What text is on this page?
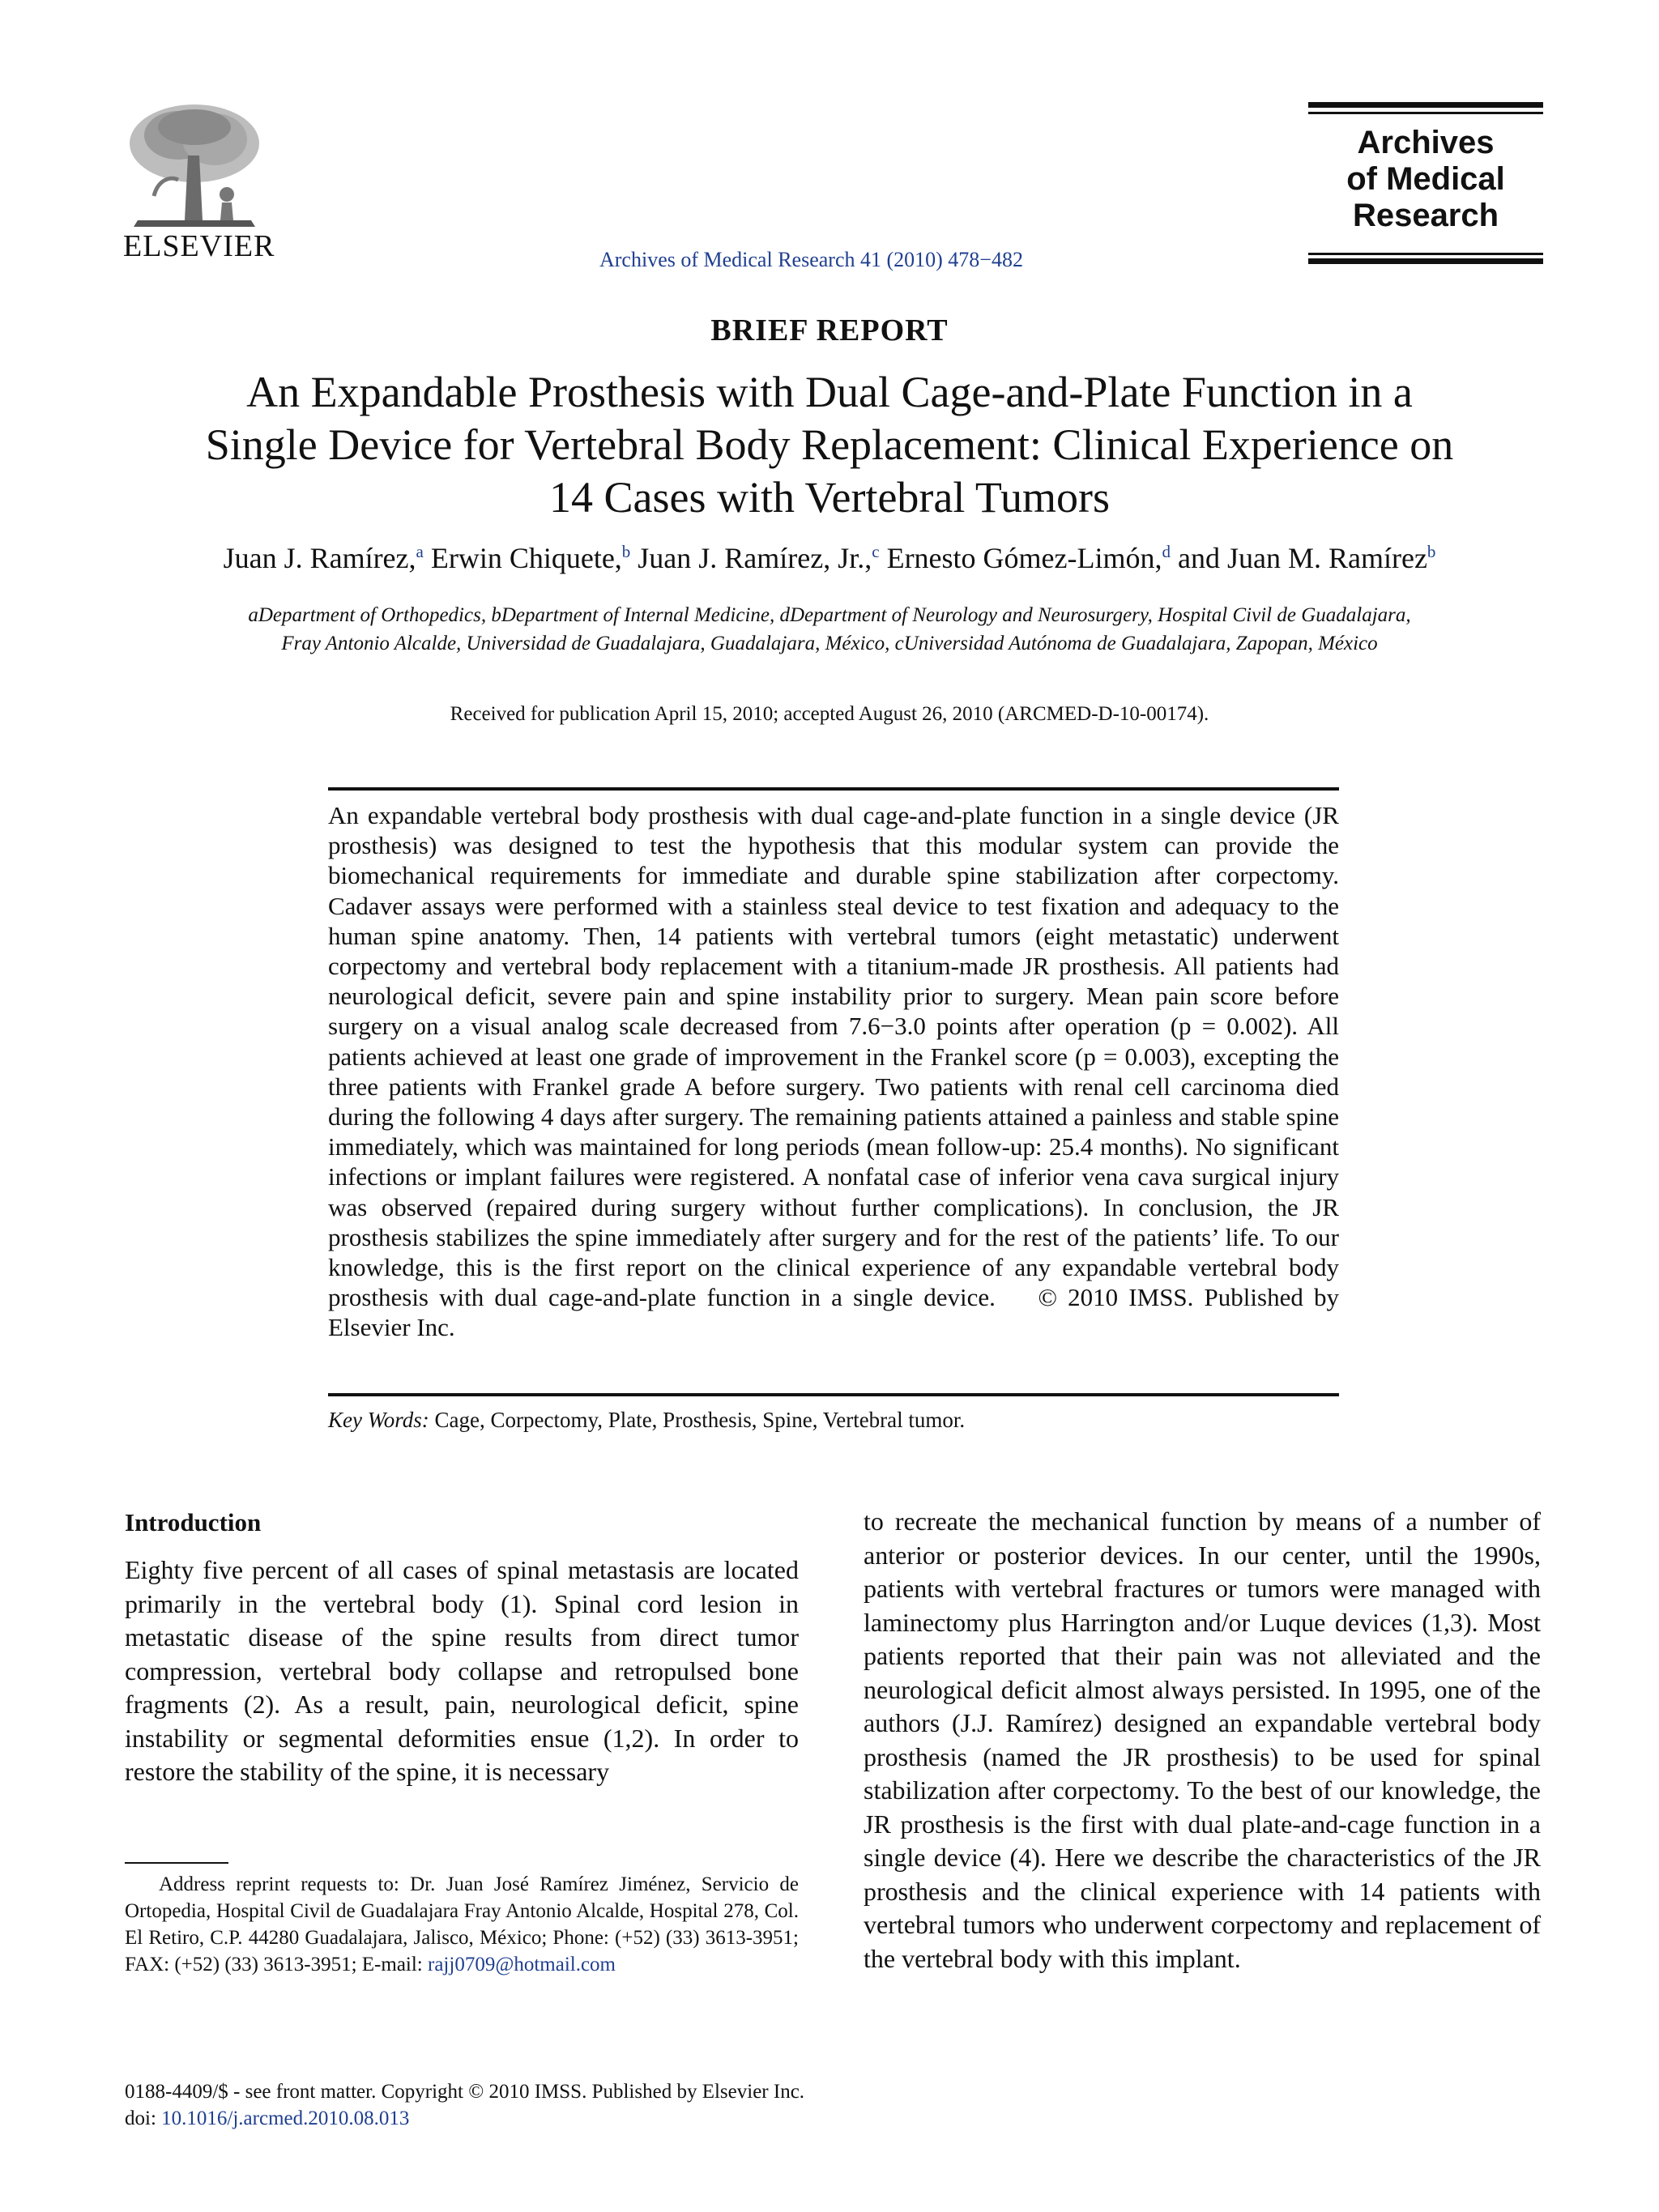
ELSEVIER	Archives of Medical Research 41 (2010) 478−482
Archives
of Medical
Research
BRIEF REPORT
An Expandable Prosthesis with Dual Cage-and-Plate Function in a Single Device for Vertebral Body Replacement: Clinical Experience on 14 Cases with Vertebral Tumors
Juan J. Ramírez,$^a$ Erwin Chiquete,$^b$ Juan J. Ramírez, Jr.,$^c$ Ernesto Gómez-Limón,$^d$ and Juan M. Ramírez$^b$
aDepartment of Orthopedics, bDepartment of Internal Medicine, dDepartment of Neurology and Neurosurgery, Hospital Civil de Guadalajara, Fray Antonio Alcalde, Universidad de Guadalajara, Guadalajara, México, cUniversidad Autónoma de Guadalajara, Zapopan, México
Received for publication April 15, 2010; accepted August 26, 2010 (ARCMED-D-10-00174).
An expandable vertebral body prosthesis with dual cage-and-plate function in a single device (JR prosthesis) was designed to test the hypothesis that this modular system can provide the biomechanical requirements for immediate and durable spine stabilization after corpectomy. Cadaver assays were performed with a stainless steal device to test fixation and adequacy to the human spine anatomy. Then, 14 patients with vertebral tumors (eight metastatic) underwent corpectomy and vertebral body replacement with a titanium-made JR prosthesis. All patients had neurological deficit, severe pain and spine instability prior to surgery. Mean pain score before surgery on a visual analog scale decreased from 7.6−3.0 points after operation (p = 0.002). All patients achieved at least one grade of improvement in the Frankel score (p = 0.003), excepting the three patients with Frankel grade A before surgery. Two patients with renal cell carcinoma died during the following 4 days after surgery. The remaining patients attained a painless and stable spine immediately, which was maintained for long periods (mean follow-up: 25.4 months). No significant infections or implant failures were registered. A nonfatal case of inferior vena cava surgical injury was observed (repaired during surgery without further complications). In conclusion, the JR prosthesis stabilizes the spine immediately after surgery and for the rest of the patients’ life. To our knowledge, this is the first report on the clinical experience of any expandable vertebral body prosthesis with dual cage-and-plate function in a single device. © 2010 IMSS. Published by Elsevier Inc.
Key Words: Cage, Corpectomy, Plate, Prosthesis, Spine, Vertebral tumor.
Introduction
Eighty five percent of all cases of spinal metastasis are located primarily in the vertebral body (1). Spinal cord lesion in metastatic disease of the spine results from direct tumor compression, vertebral body collapse and retropulsed bone fragments (2). As a result, pain, neurological deficit, spine instability or segmental deformities ensue (1,2). In order to restore the stability of the spine, it is necessary
to recreate the mechanical function by means of a number of anterior or posterior devices. In our center, until the 1990s, patients with vertebral fractures or tumors were managed with laminectomy plus Harrington and/or Luque devices (1,3). Most patients reported that their pain was not alleviated and the neurological deficit almost always persisted. In 1995, one of the authors (J.J. Ramírez) designed an expandable vertebral body prosthesis (named the JR prosthesis) to be used for spinal stabilization after corpectomy. To the best of our knowledge, the JR prosthesis is the first with dual plate-and-cage function in a single device (4). Here we describe the characteristics of the JR prosthesis and the clinical experience with 14 patients with vertebral tumors who underwent corpectomy and replacement of the vertebral body with this implant.
Address reprint requests to: Dr. Juan José Ramírez Jiménez, Servicio de Ortopedia, Hospital Civil de Guadalajara Fray Antonio Alcalde, Hospital 278, Col. El Retiro, C.P. 44280 Guadalajara, Jalisco, México; Phone: (+52) (33) 3613-3951; FAX: (+52) (33) 3613-3951; E-mail: rajj0709@hotmail.com
0188-4409/$ - see front matter. Copyright © 2010 IMSS. Published by Elsevier Inc.
doi: 10.1016/j.arcmed.2010.08.013
